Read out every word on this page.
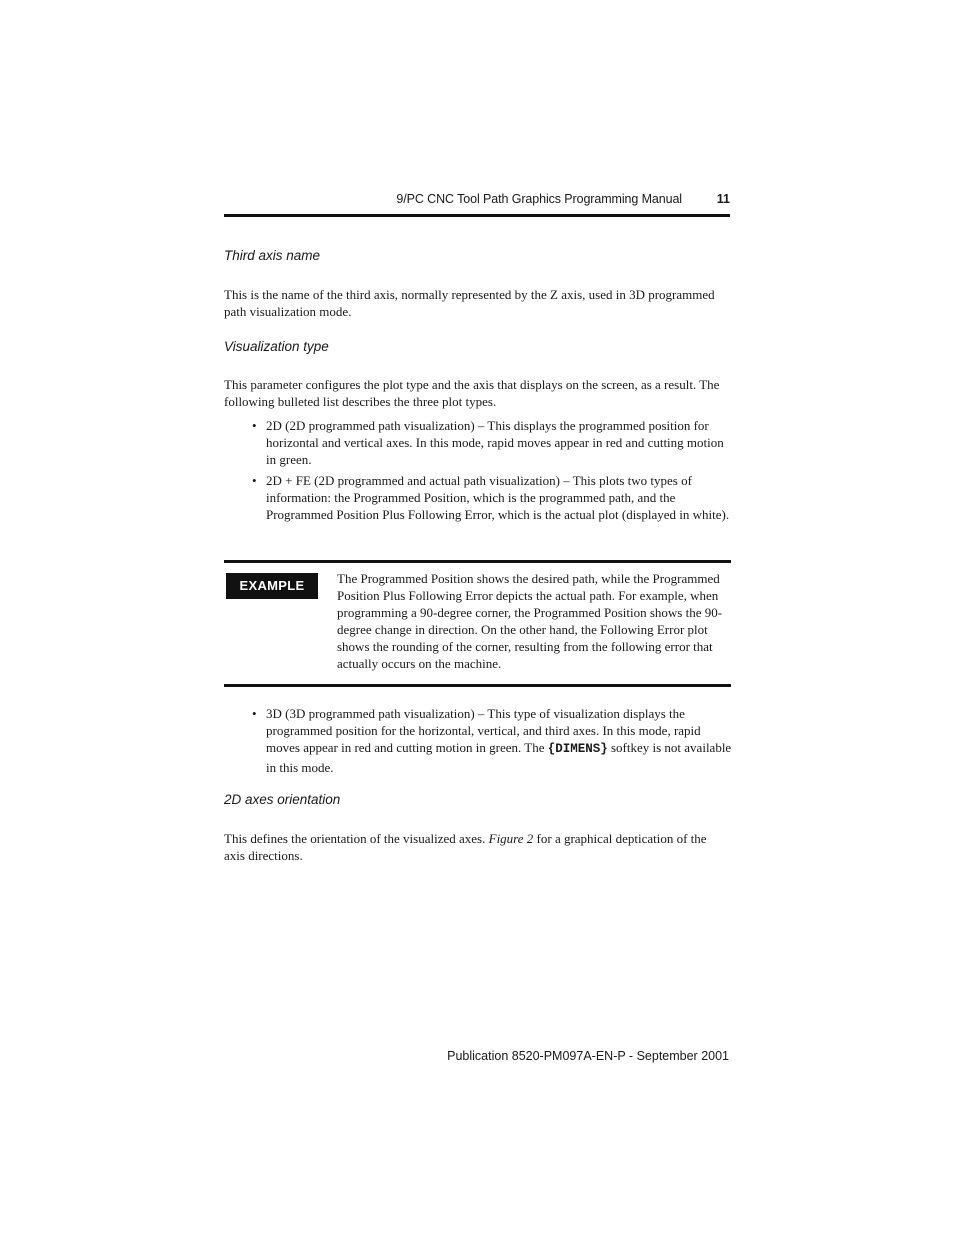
9/PC CNC Tool Path Graphics Programming Manual	11
Third axis name
This is the name of the third axis, normally represented by the Z axis, used in 3D programmed path visualization mode.
Visualization type
This parameter configures the plot type and the axis that displays on the screen, as a result. The following bulleted list describes the three plot types.
• 2D (2D programmed path visualization) – This displays the programmed position for horizontal and vertical axes. In this mode, rapid moves appear in red and cutting motion in green.
• 2D + FE (2D programmed and actual path visualization) – This plots two types of information: the Programmed Position, which is the programmed path, and the Programmed Position Plus Following Error, which is the actual plot (displayed in white).
EXAMPLE	The Programmed Position shows the desired path, while the Programmed Position Plus Following Error depicts the actual path. For example, when programming a 90-degree corner, the Programmed Position shows the 90-degree change in direction. On the other hand, the Following Error plot shows the rounding of the corner, resulting from the following error that actually occurs on the machine.
• 3D (3D programmed path visualization) – This type of visualization displays the programmed position for the horizontal, vertical, and third axes. In this mode, rapid moves appear in red and cutting motion in green. The {DIMENS} softkey is not available in this mode.
2D axes orientation
This defines the orientation of the visualized axes. Figure 2 for a graphical deptication of the axis directions.
Publication 8520-PM097A-EN-P - September 2001
